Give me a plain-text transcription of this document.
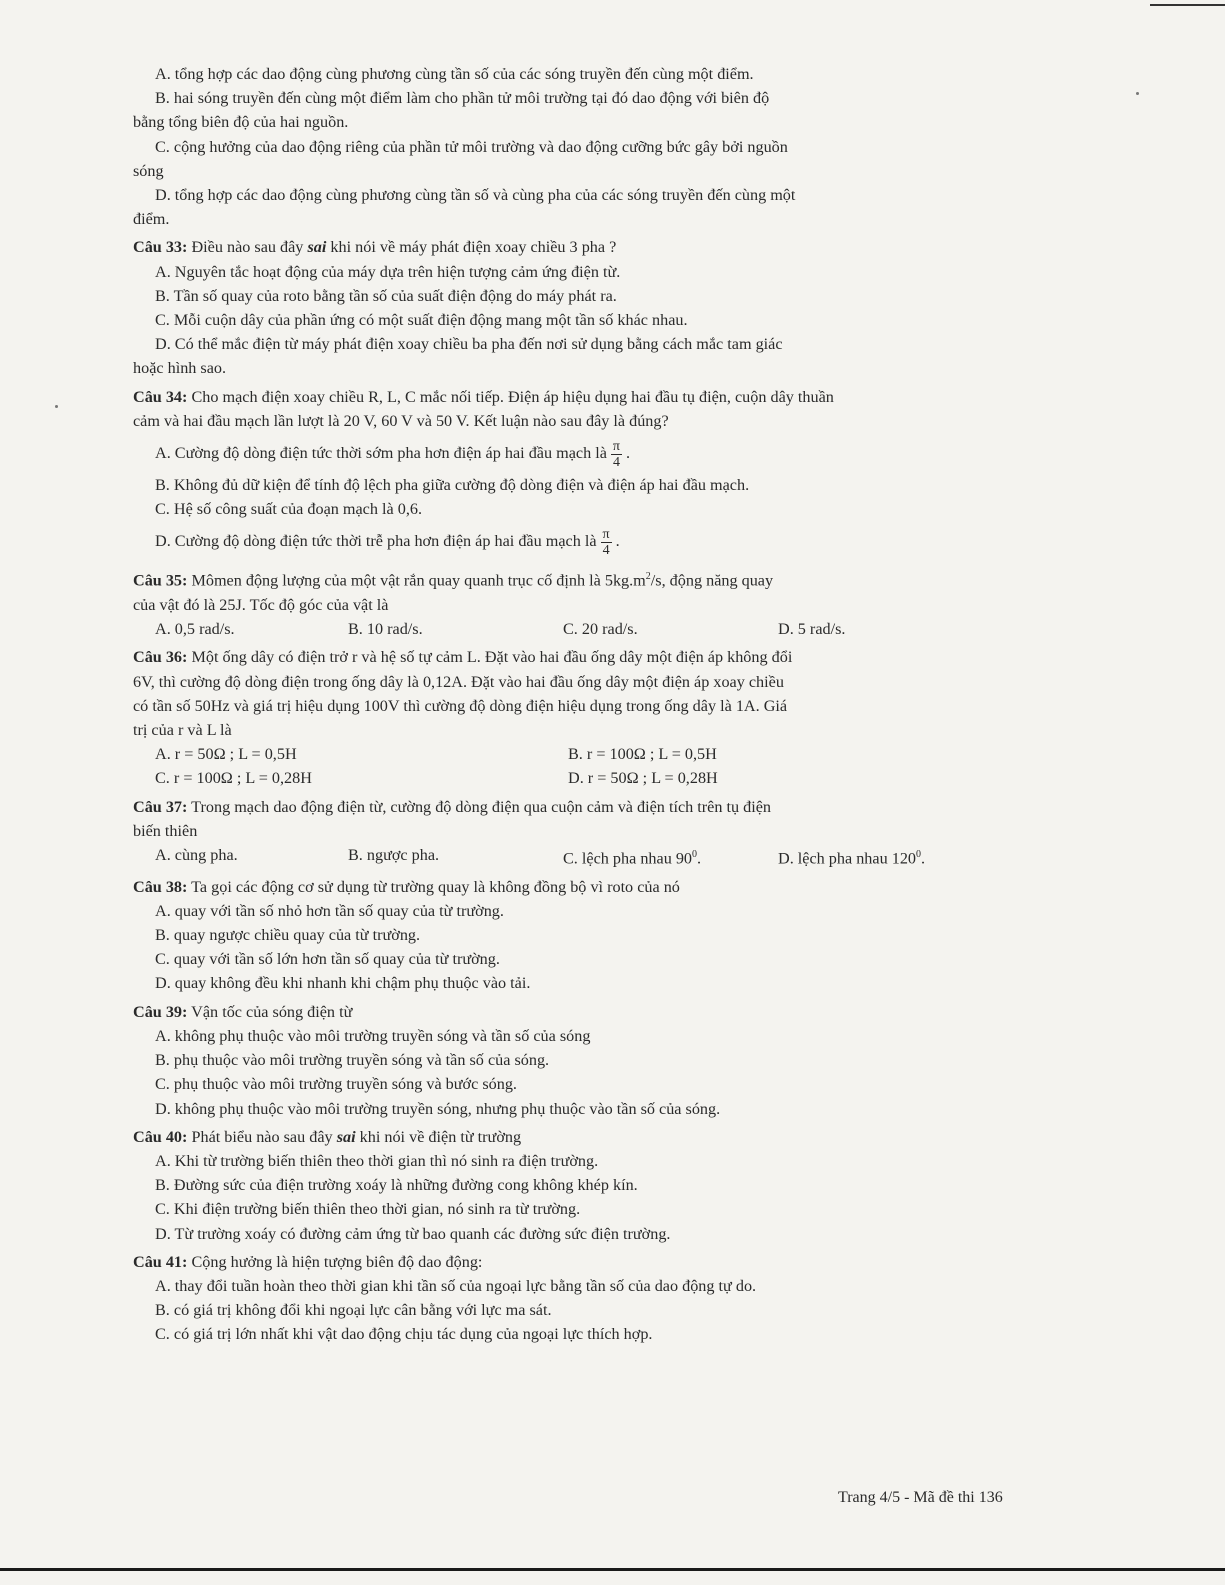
A. tổng hợp các dao động cùng phương cùng tần số của các sóng truyền đến cùng một điểm.
B. hai sóng truyền đến cùng một điểm làm cho phần tử môi trường tại đó dao động với biên độ
bằng tổng biên độ của hai nguồn.
C. cộng hưởng của dao động riêng của phần tử môi trường và dao động cưỡng bức gây bởi nguồn
sóng
D. tổng hợp các dao động cùng phương cùng tần số và cùng pha của các sóng truyền đến cùng một
điểm.
Câu 33: Điều nào sau đây sai khi nói về máy phát điện xoay chiều 3 pha ?
A. Nguyên tắc hoạt động của máy dựa trên hiện tượng cảm ứng điện từ.
B. Tần số quay của roto bằng tần số của suất điện động do máy phát ra.
C. Mỗi cuộn dây của phần ứng có một suất điện động mang một tần số khác nhau.
D. Có thể mắc điện từ máy phát điện xoay chiều ba pha đến nơi sử dụng bằng cách mắc tam giác
hoặc hình sao.
Câu 34: Cho mạch điện xoay chiều R, L, C mắc nối tiếp. Điện áp hiệu dụng hai đầu tụ điện, cuộn dây thuần
cảm và hai đầu mạch lần lượt là 20 V, 60 V và 50 V. Kết luận nào sau đây là đúng?
A. Cường độ dòng điện tức thời sớm pha hơn điện áp hai đầu mạch là $\frac{\pi}{4}$ .
B. Không đủ dữ kiện để tính độ lệch pha giữa cường độ dòng điện và điện áp hai đầu mạch.
C. Hệ số công suất của đoạn mạch là 0,6.
D. Cường độ dòng điện tức thời trễ pha hơn điện áp hai đầu mạch là $\frac{\pi}{4}$ .
Câu 35: Mômen động lượng của một vật rắn quay quanh trục cố định là $5kg.m^2/s$, động năng quay
của vật đó là 25J. Tốc độ góc của vật là
A. 0,5 rad/s.	B. 10 rad/s.	C. 20 rad/s.	D. 5 rad/s.
Câu 36: Một ống dây có điện trở r và hệ số tự cảm L. Đặt vào hai đầu ống dây một điện áp không đổi
6V, thì cường độ dòng điện trong ống dây là 0,12A. Đặt vào hai đầu ống dây một điện áp xoay chiều
có tần số 50Hz và giá trị hiệu dụng 100V thì cường độ dòng điện hiệu dụng trong ống dây là 1A. Giá
trị của r và L là
A. r = 50Ω ; L = 0,5H	B. r = 100Ω ; L = 0,5H
C. r = 100Ω ; L = 0,28H	D. r = 50Ω ; L = 0,28H
Câu 37: Trong mạch dao động điện từ, cường độ dòng điện qua cuộn cảm và điện tích trên tụ điện
biến thiên
A. cùng pha.	B. ngược pha.	C. lệch pha nhau $90^0$.	D. lệch pha nhau $120^0$.
Câu 38: Ta gọi các động cơ sử dụng từ trường quay là không đồng bộ vì roto của nó
A. quay với tần số nhỏ hơn tần số quay của từ trường.
B. quay ngược chiều quay của từ trường.
C. quay với tần số lớn hơn tần số quay của từ trường.
D. quay không đều khi nhanh khi chậm phụ thuộc vào tải.
Câu 39: Vận tốc của sóng điện từ
A. không phụ thuộc vào môi trường truyền sóng và tần số của sóng
B. phụ thuộc vào môi trường truyền sóng và tần số của sóng.
C. phụ thuộc vào môi trường truyền sóng và bước sóng.
D. không phụ thuộc vào môi trường truyền sóng, nhưng phụ thuộc vào tần số của sóng.
Câu 40: Phát biểu nào sau đây sai khi nói về điện từ trường
A. Khi từ trường biến thiên theo thời gian thì nó sinh ra điện trường.
B. Đường sức của điện trường xoáy là những đường cong không khép kín.
C. Khi điện trường biến thiên theo thời gian, nó sinh ra từ trường.
D. Từ trường xoáy có đường cảm ứng từ bao quanh các đường sức điện trường.
Câu 41: Cộng hưởng là hiện tượng biên độ dao động:
A. thay đổi tuần hoàn theo thời gian khi tần số của ngoại lực bằng tần số của dao động tự do.
B. có giá trị không đổi khi ngoại lực cân bằng với lực ma sát.
C. có giá trị lớn nhất khi vật dao động chịu tác dụng của ngoại lực thích hợp.
Trang 4/5 - Mã đề thi 136
